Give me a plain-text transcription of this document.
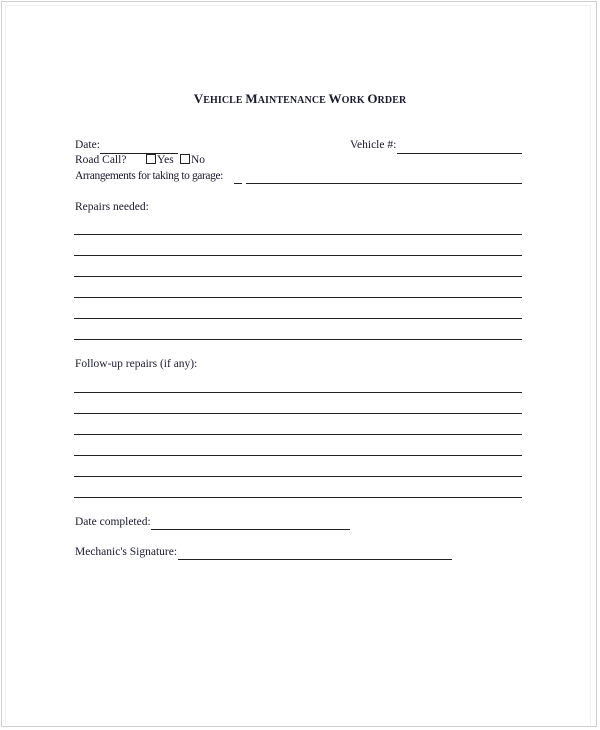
VEHICLE MAINTENANCE WORK ORDER
Date:	Vehicle #:
Road Call?	Yes	No
Arrangements for taking to garage:
Repairs needed:
Follow-up repairs (if any):
Date completed:
Mechanic's Signature:
